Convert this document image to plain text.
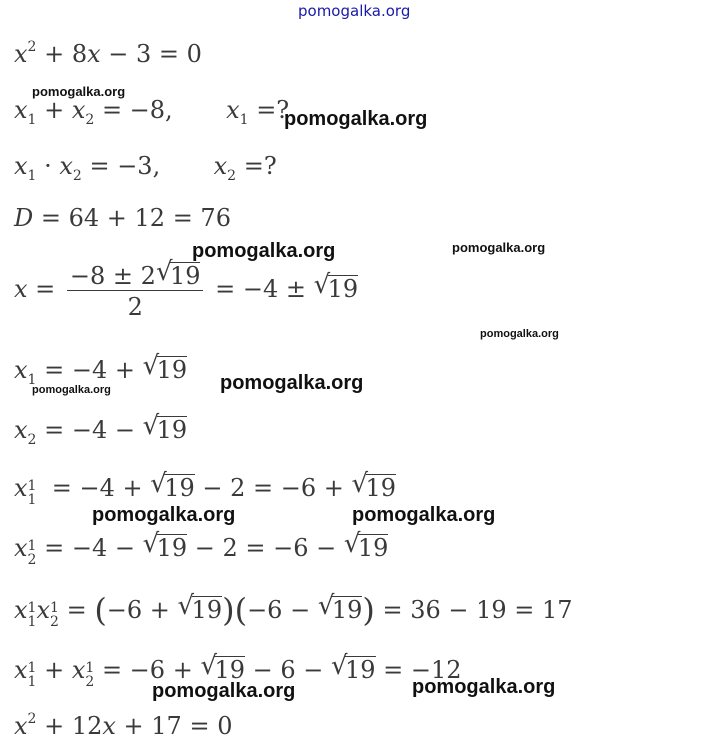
pomogalka.org
$x^2 + 8x - 3 = 0$
pomogalka.org
$x_1 + x_2 = -8$,       $x_1$ =?
pomogalka.org
$x_1 \cdot x_2 = -3$,       $x_2$ =?
D = 64 + 12 = 76
pomogalka.org	pomogalka.org
$x = \frac{-8 \pm 2√ 19}{2} = -4$ ± √ 19
pomogalka.org
$x_1 = -4$ + √ 19
pomogalka.org	pomogalka.org
$x_2 = -4$ − √ 19
x 1
1 = −4 + √ 19 − 2 = −6 + √ 19
pomogalka.org	pomogalka.org
x 1
2 = −4 − √ 19 − 2 = −6 − √ 19
x 1
1 x 1
2 = (−6 + √ 19)(−6 − √ 19) = 36 − 19 = 17
x 1
1 + x 1
2 = −6 + √ 19 − 6 − √ 19 = −12
pomogalka.org	pomogalka.org
$x^2 + 12x + 17 = 0$
